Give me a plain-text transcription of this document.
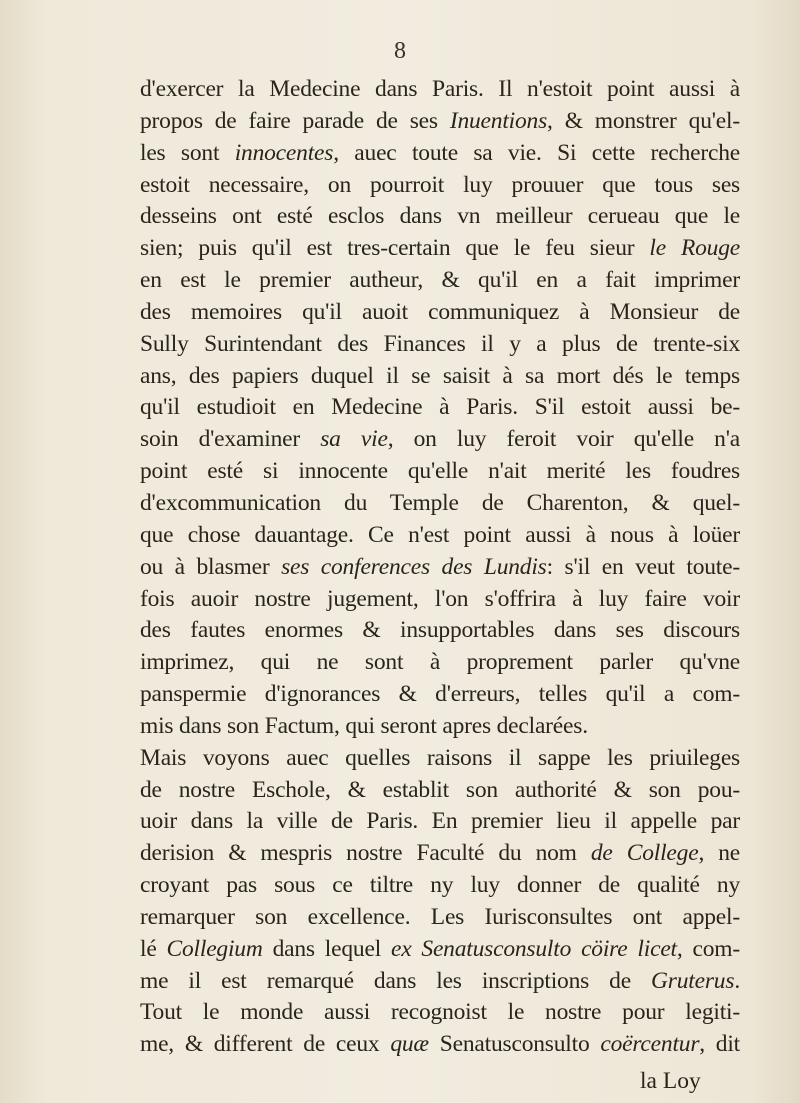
8
d'exercer la Medecine dans Paris. Il n'estoit point aussi à
propos de faire parade de ses Inuentions, & monstrer qu'el-
les sont innocentes, auec toute sa vie. Si cette recherche
estoit necessaire, on pourroit luy prouuer que tous ses
desseins ont esté esclos dans vn meilleur cerueau que le
sien; puis qu'il est tres-certain que le feu sieur le Rouge
en est le premier autheur, & qu'il en a fait imprimer
des memoires qu'il auoit communiquez à Monsieur de
Sully Surintendant des Finances il y a plus de trente-six
ans, des papiers duquel il se saisit à sa mort dés le temps
qu'il estudioit en Medecine à Paris. S'il estoit aussi be-
soin d'examiner sa vie, on luy feroit voir qu'elle n'a
point esté si innocente qu'elle n'ait merité les foudres
d'excommunication du Temple de Charenton, & quel-
que chose dauantage. Ce n'est point aussi à nous à loüer
ou à blasmer ses conferences des Lundis: s'il en veut toute-
fois auoir nostre jugement, l'on s'offrira à luy faire voir
des fautes enormes & insupportables dans ses discours
imprimez, qui ne sont à proprement parler qu'vne
panspermie d'ignorances & d'erreurs, telles qu'il a com-
mis dans son Factum, qui seront apres declarées.
Mais voyons auec quelles raisons il sappe les priuileges
de nostre Eschole, & establit son authorité & son pou-
uoir dans la ville de Paris. En premier lieu il appelle par
derision & mespris nostre Faculté du nom de College, ne
croyant pas sous ce tiltre ny luy donner de qualité ny
remarquer son excellence. Les Iurisconsultes ont appel-
lé Collegium dans lequel ex Senatusconsulto cöire licet, com-
me il est remarqué dans les inscriptions de Gruterus.
Tout le monde aussi recognoist le nostre pour legiti-
me, & different de ceux quæ Senatusconsulto coërcentur, dit
la Loy
